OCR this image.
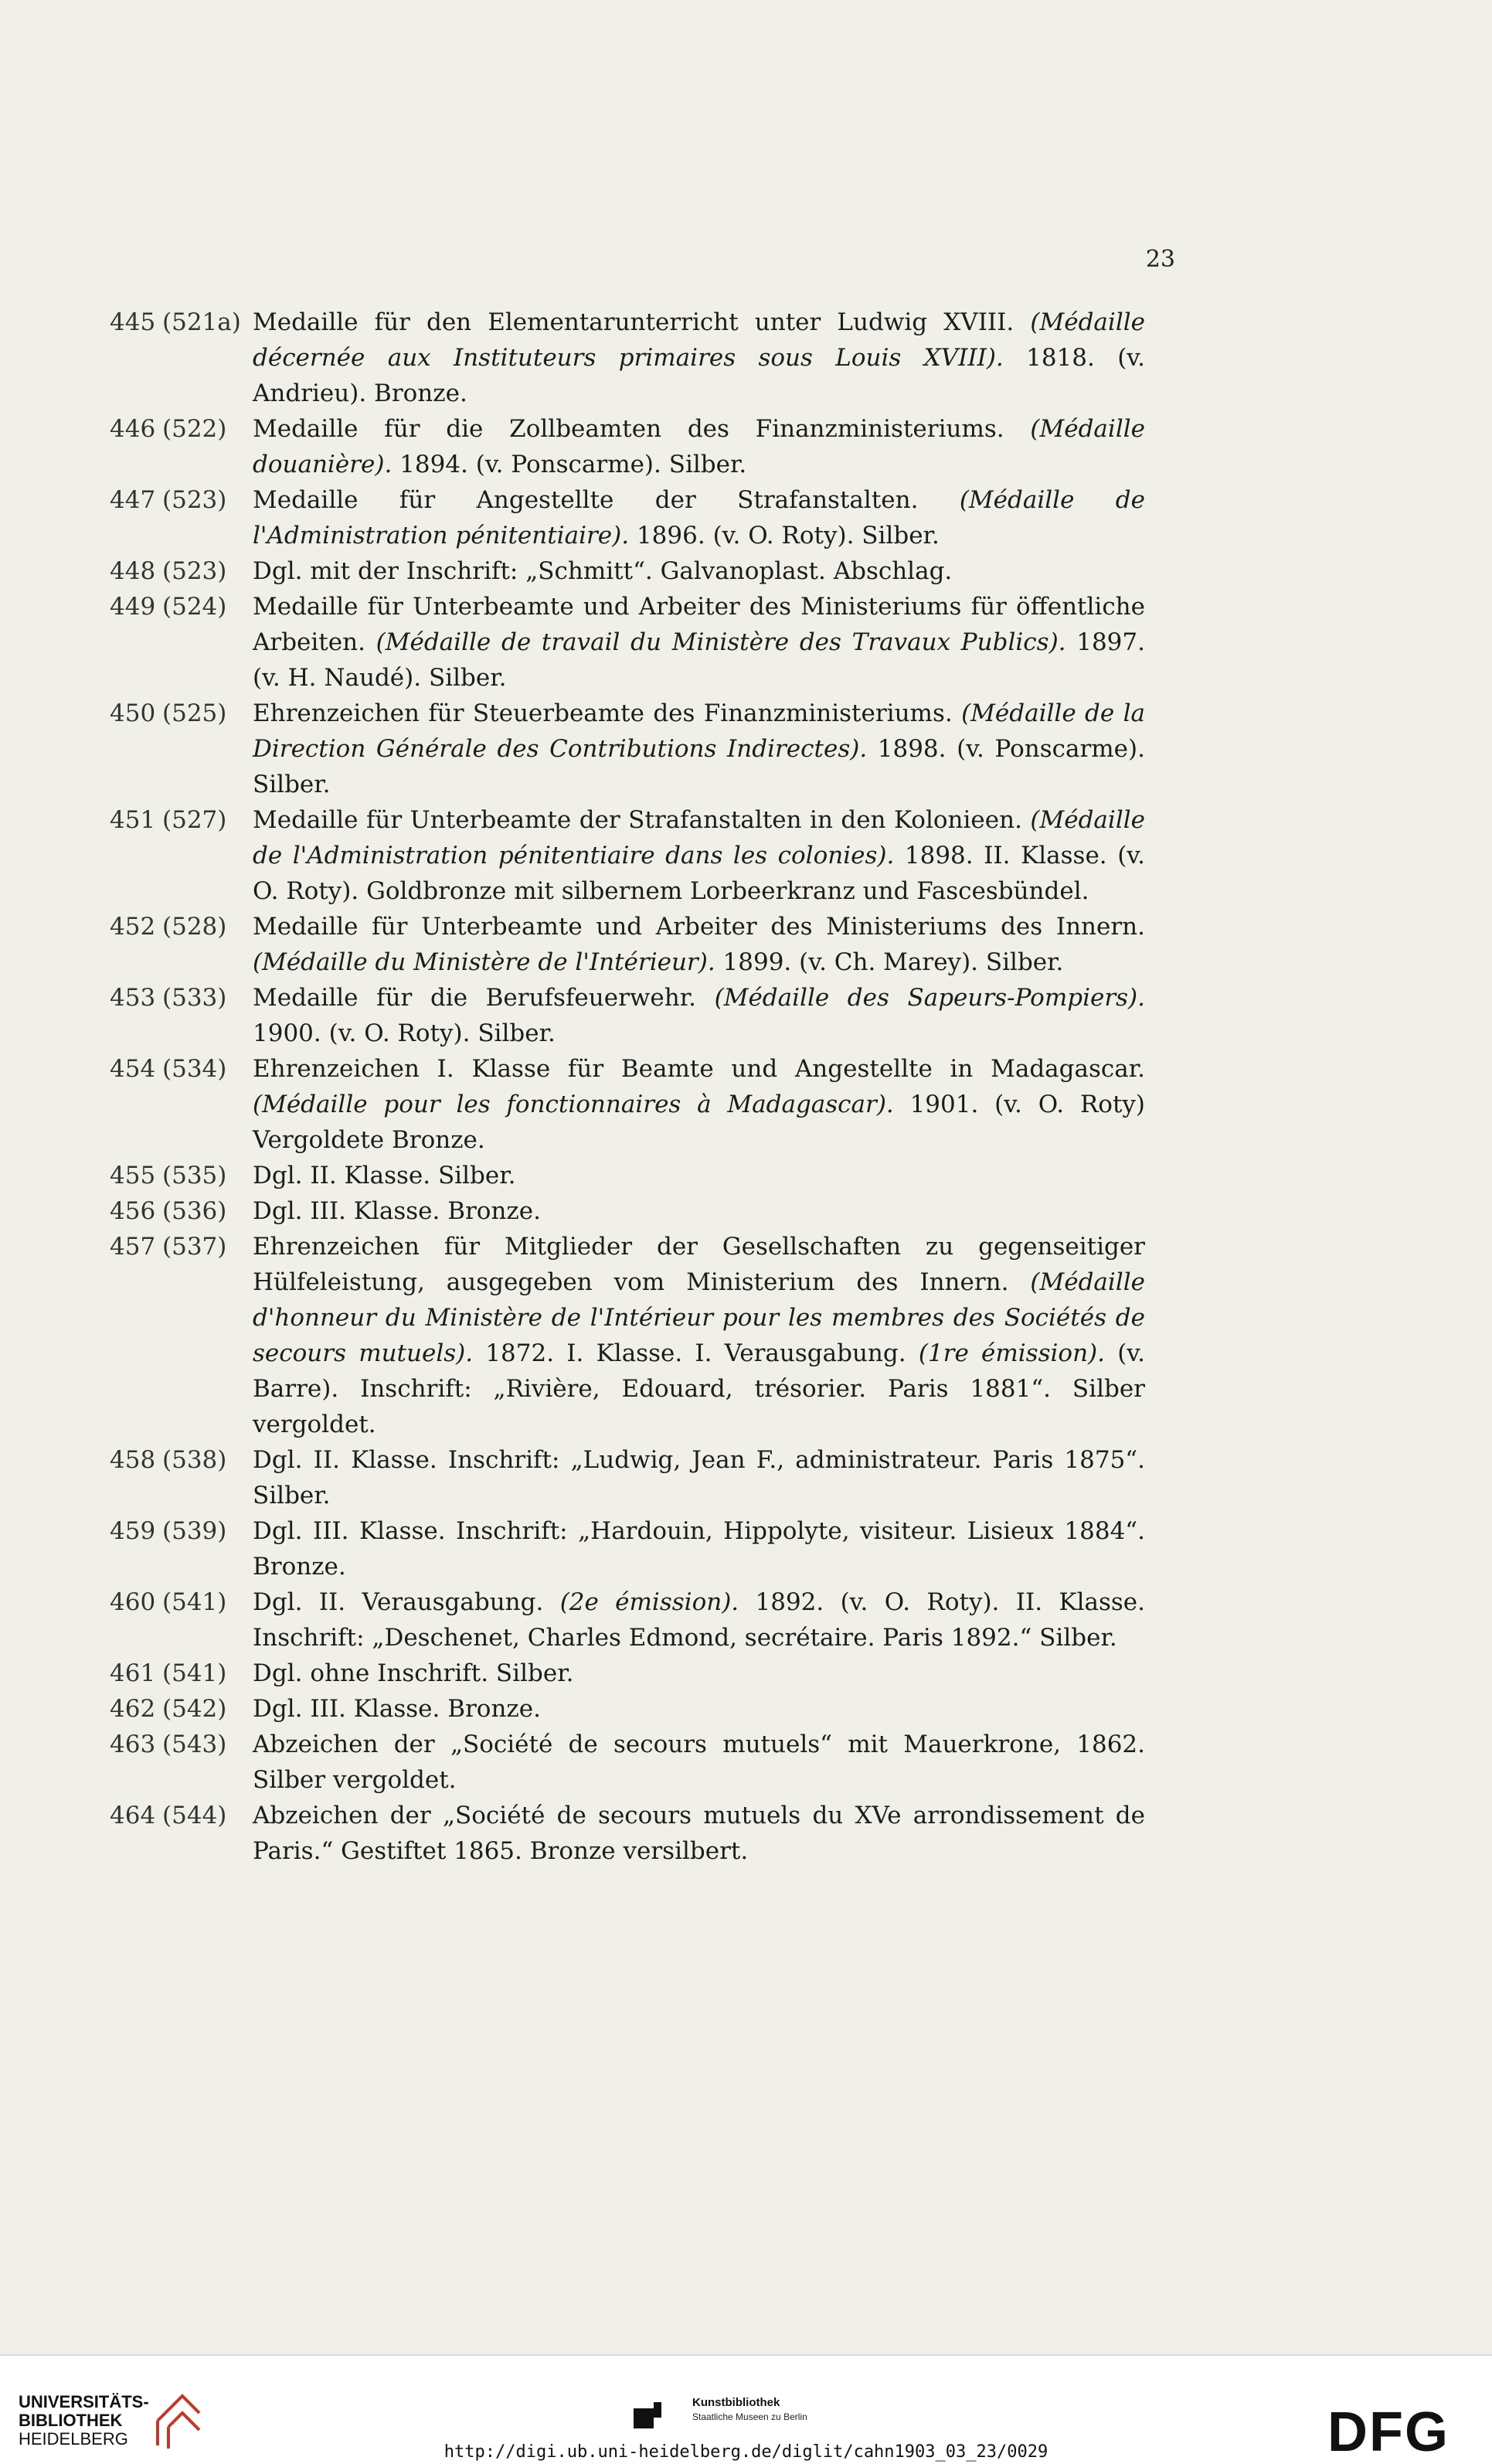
23
445 (521a) Medaille für den Elementarunterricht unter Ludwig XVIII. (Médaille décernée aux Instituteurs primaires sous Louis XVIII). 1818. (v. Andrieu). Bronze.
446 (522)	Medaille für die Zollbeamten des Finanzministeriums. (Médaille douanière). 1894. (v. Ponscarme). Silber.
447 (523)	Medaille für Angestellte der Strafanstalten. (Médaille de l'Administration pénitentiaire). 1896. (v. O. Roty). Silber.
448 (523)	Dgl. mit der Inschrift: „Schmitt“. Galvanoplast. Abschlag.
449 (524)	Medaille für Unterbeamte und Arbeiter des Ministeriums für öffentliche Arbeiten. (Médaille de travail du Ministère des Travaux Publics). 1897. (v. H. Naudé). Silber.
450 (525)	Ehrenzeichen für Steuerbeamte des Finanzministeriums. (Médaille de la Direction Générale des Contributions Indirectes). 1898. (v. Ponscarme). Silber.
451 (527)	Medaille für Unterbeamte der Strafanstalten in den Kolonieen. (Médaille de l'Administration pénitentiaire dans les colonies). 1898. II. Klasse. (v. O. Roty). Goldbronze mit silbernem Lorbeerkranz und Fascesbündel.
452 (528)	Medaille für Unterbeamte und Arbeiter des Ministeriums des Innern. (Médaille du Ministère de l'Intérieur). 1899. (v. Ch. Marey). Silber.
453 (533)	Medaille für die Berufsfeuerwehr. (Médaille des Sapeurs-Pompiers). 1900. (v. O. Roty). Silber.
454 (534)	Ehrenzeichen I. Klasse für Beamte und Angestellte in Madagascar. (Médaille pour les fonctionnaires à Madagascar). 1901. (v. O. Roty) Vergoldete Bronze.
455 (535)	Dgl. II. Klasse. Silber.
456 (536)	Dgl. III. Klasse. Bronze.
457 (537)	Ehrenzeichen für Mitglieder der Gesellschaften zu gegenseitiger Hülfeleistung, ausgegeben vom Ministerium des Innern. (Médaille d'honneur du Ministère de l'Intérieur pour les membres des Sociétés de secours mutuels). 1872. I. Klasse. I. Verausgabung. (1re émission). (v. Barre). Inschrift: „Rivière, Edouard, trésorier. Paris 1881“. Silber vergoldet.
458 (538)	Dgl. II. Klasse. Inschrift: „Ludwig, Jean F., administrateur. Paris 1875“. Silber.
459 (539)	Dgl. III. Klasse. Inschrift: „Hardouin, Hippolyte, visiteur. Lisieux 1884“. Bronze.
460 (541)	Dgl. II. Verausgabung. (2e émission). 1892. (v. O. Roty). II. Klasse. Inschrift: „Deschenet, Charles Edmond, secrétaire. Paris 1892.“ Silber.
461 (541)	Dgl. ohne Inschrift. Silber.
462 (542)	Dgl. III. Klasse. Bronze.
463 (543)	Abzeichen der „Société de secours mutuels“ mit Mauerkrone, 1862. Silber vergoldet.
464 (544)	Abzeichen der „Société de secours mutuels du XVe arrondissement de Paris.“ Gestiftet 1865. Bronze versilbert.
UNIVERSITÄTS-
BIBLIOTHEK
HEIDELBERG
Kunstbibliothek
Staatliche Museen zu Berlin	DFG
http://digi.ub.uni-heidelberg.de/diglit/cahn1903_03_23/0029
